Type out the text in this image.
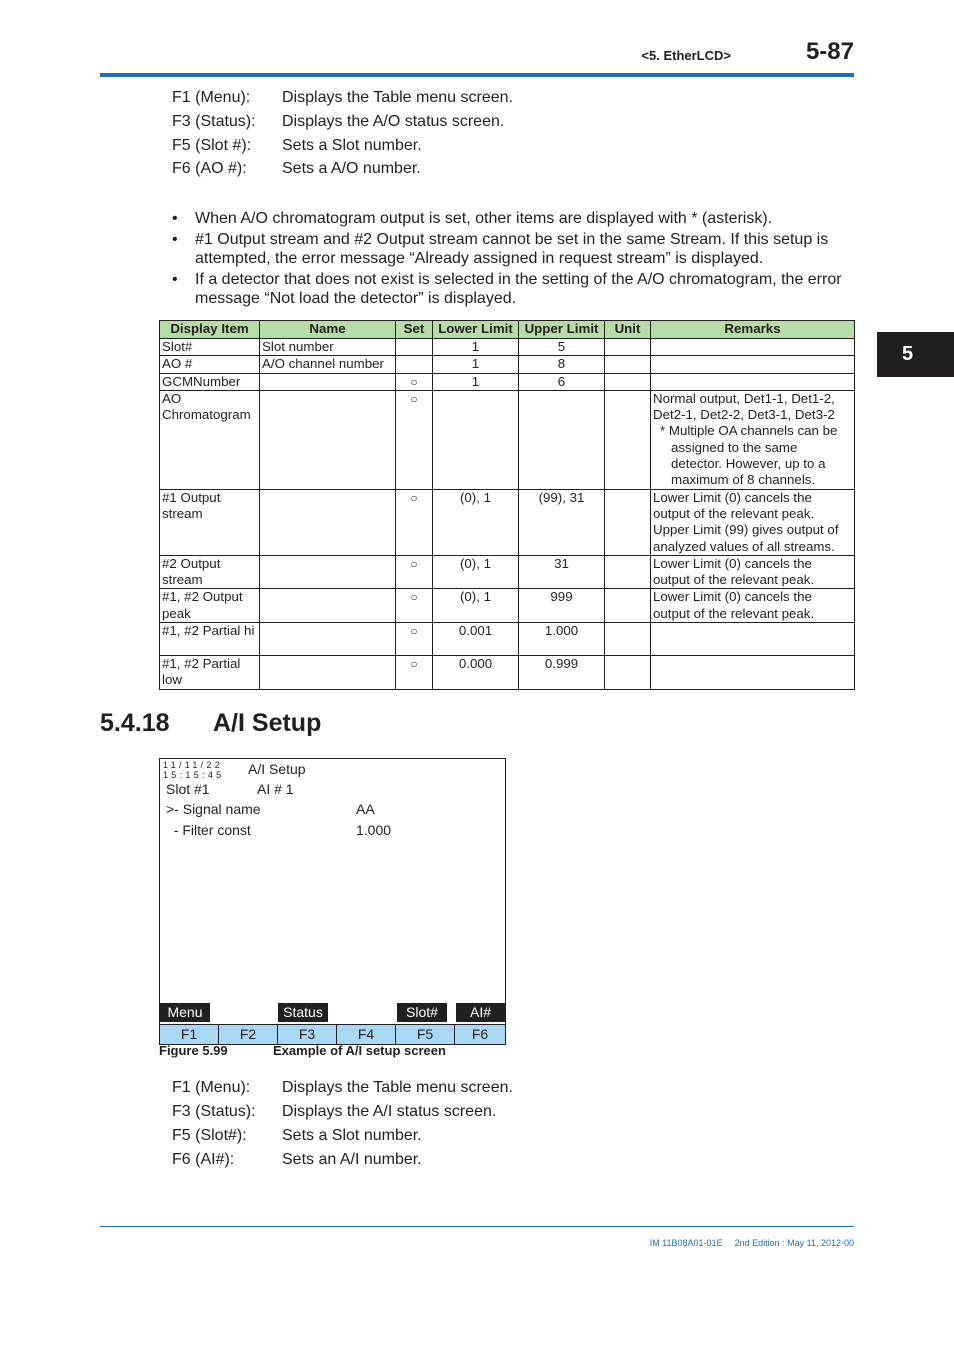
<5. EtherLCD>	5-87
F1 (Menu): Displays the Table menu screen.
F3 (Status): Displays the A/O status screen.
F5 (Slot #): Sets a Slot number.
F6 (AO #): Sets a A/O number.
• When A/O chromatogram output is set, other items are displayed with * (asterisk).
• #1 Output stream and #2 Output stream cannot be set in the same Stream. If this setup is attempted, the error message “Already assigned in request stream” is displayed.
• If a detector that does not exist is selected in the setting of the A/O chromatogram, the error message “Not load the detector” is displayed.
5
Display Item	Name	Set	Lower Limit	Upper Limit	Unit	Remarks
Slot#	Slot number		1	5		
AO #	A/O channel number		1	8		
GCMNumber		○	1	6		
AO Chromatogram		○				Normal output, Det1-1, Det1-2, Det2-1, Det2-2, Det3-1, Det3-2
* Multiple OA channels can be assigned to the same detector. However, up to a maximum of 8 channels.

#1 Output stream		○	(0), 1	(99), 31		Lower Limit (0) cancels the output of the relevant peak. Upper Limit (99) gives output of analyzed values of all streams.
#2 Output stream		○	(0), 1	31		Lower Limit (0) cancels the output of the relevant peak.
#1, #2 Output peak		○	(0), 1	999		Lower Limit (0) cancels the output of the relevant peak.
#1, #2 Partial hi		○	0.001	1.000		
#1, #2 Partial low		○	0.000	0.999		
5.4.18 A/I Setup
11/11/22
15:15:45 A/I Setup
Slot #1	AI # 1
>- Signal name	AA
- Filter const	1.000
Menu	Status	Slot#	AI#
F1	F2	F3	F4	F5	F6
Figure 5.99	Example of A/I setup screen
F1 (Menu): Displays the Table menu screen.
F3 (Status): Displays the A/I status screen.
F5 (Slot#): Sets a Slot number.
F6 (AI#):	Sets an A/I number.
IM 11B08A01-01E 2nd Edition : May 11, 2012-00
